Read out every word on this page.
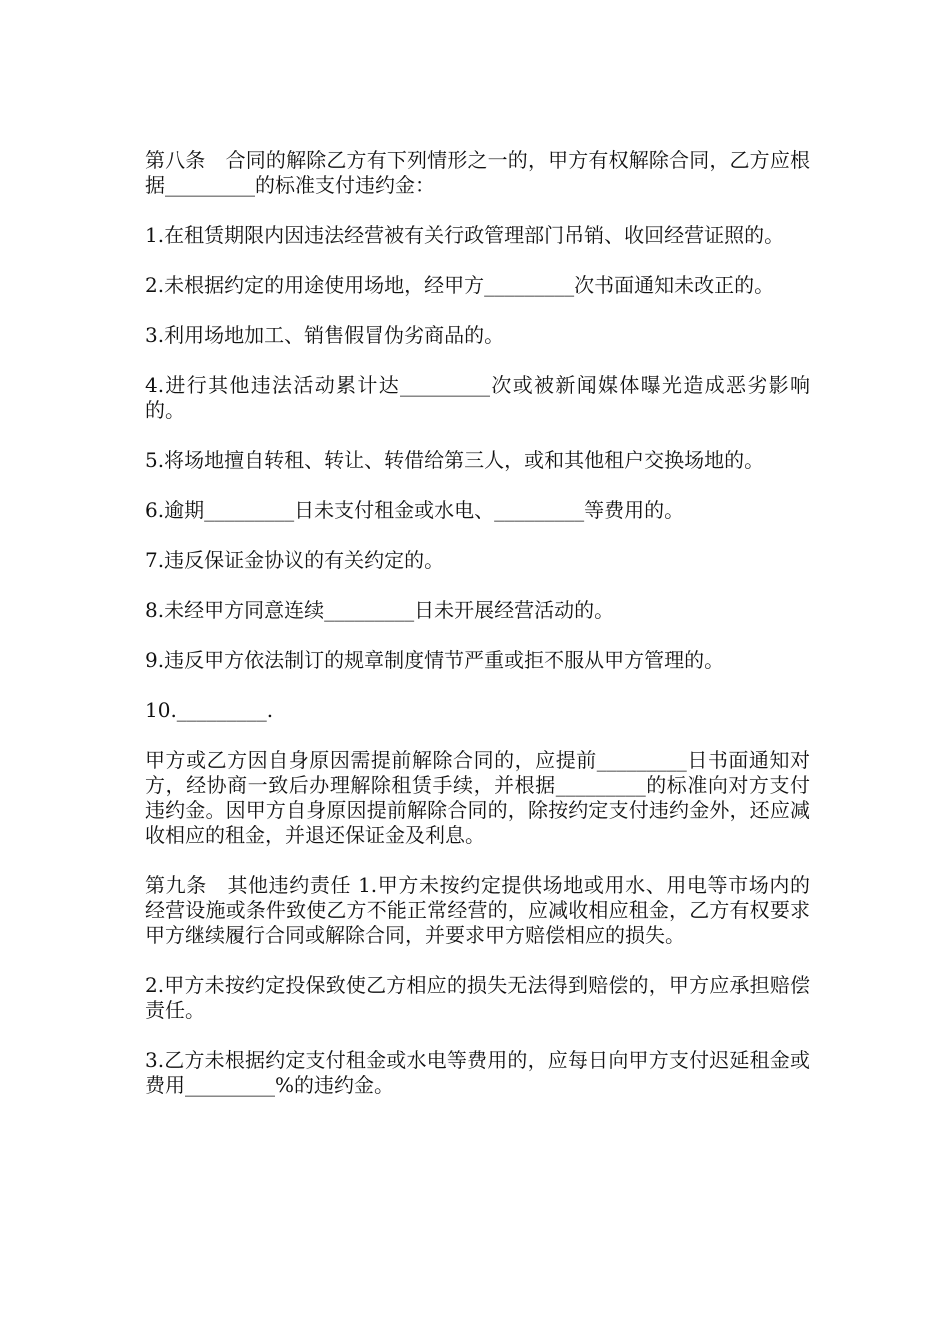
第八条　合同的解除乙方有下列情形之一的，甲方有权解除合同，乙方应根据_________的标准支付违约金：

1.在租赁期限内因违法经营被有关行政管理部门吊销、收回经营证照的。

2.未根据约定的用途使用场地，经甲方_________次书面通知未改正的。

3.利用场地加工、销售假冒伪劣商品的。

4.进行其他违法活动累计达_________次或被新闻媒体曝光造成恶劣影响的。

5.将场地擅自转租、转让、转借给第三人，或和其他租户交换场地的。

6.逾期_________日未支付租金或水电、_________等费用的。

7.违反保证金协议的有关约定的。

8.未经甲方同意连续_________日未开展经营活动的。

9.违反甲方依法制订的规章制度情节严重或拒不服从甲方管理的。

10._________.

甲方或乙方因自身原因需提前解除合同的，应提前_________日书面通知对方，经协商一致后办理解除租赁手续，并根据_________的标准向对方支付违约金。因甲方自身原因提前解除合同的，除按约定支付违约金外，还应减收相应的租金，并退还保证金及利息。

第九条　其他违约责任 1.甲方未按约定提供场地或用水、用电等市场内的经营设施或条件致使乙方不能正常经营的，应减收相应租金，乙方有权要求甲方继续履行合同或解除合同，并要求甲方赔偿相应的损失。

2.甲方未按约定投保致使乙方相应的损失无法得到赔偿的，甲方应承担赔偿责任。

3.乙方未根据约定支付租金或水电等费用的，应每日向甲方支付迟延租金或费用_________%的违约金。
